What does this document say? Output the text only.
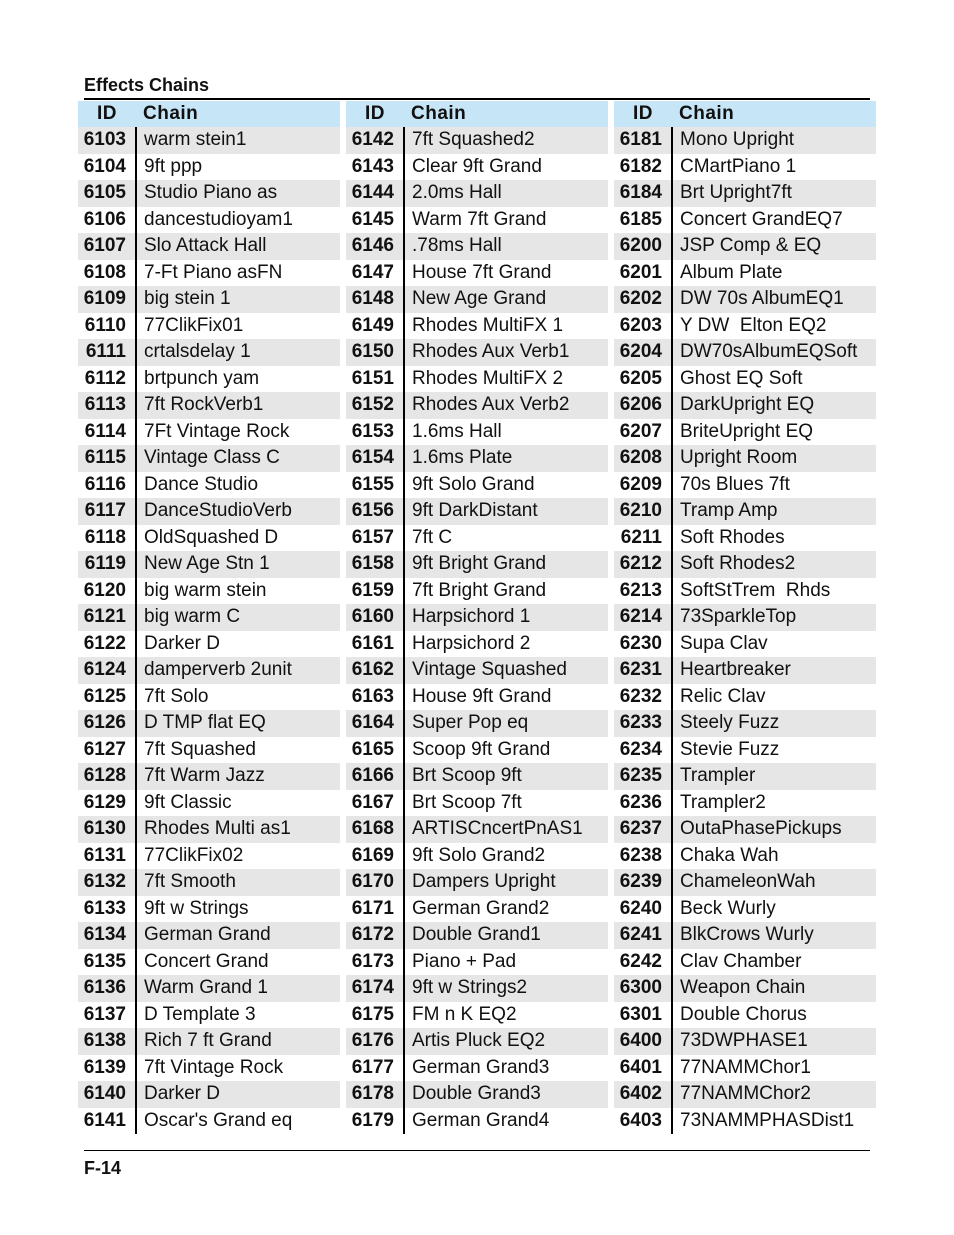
Effects Chains
ID	Chain
6103 warm stein1
6104 9ft ppp
6105 Studio Piano as
6106 dancestudioyam1
6107 Slo Attack Hall
6108 7-Ft Piano asFN
6109 big stein 1
6110 77ClikFix01
6111 crtalsdelay 1
6112 brtpunch yam
6113 7ft RockVerb1
6114 7Ft Vintage Rock
6115 Vintage Class C
6116 Dance Studio
6117 DanceStudioVerb
6118 OldSquashed D
6119 New Age Stn 1
6120 big warm stein
6121 big warm C
6122 Darker D
6124 damperverb 2unit
6125 7ft Solo
6126 D TMP flat EQ
6127 7ft Squashed
6128 7ft Warm Jazz
6129 9ft Classic
6130 Rhodes Multi as1
6131 77ClikFix02
6132 7ft Smooth
6133 9ft w Strings
6134 German Grand
6135 Concert Grand
6136 Warm Grand 1
6137 D Template 3
6138 Rich 7 ft Grand
6139 7ft Vintage Rock
6140 Darker D
6141 Oscar's Grand eq
ID	Chain
6142 7ft Squashed2
6143 Clear 9ft Grand
6144 2.0ms Hall
6145 Warm 7ft Grand
6146 .78ms Hall
6147 House 7ft Grand
6148 New Age Grand
6149 Rhodes MultiFX 1
6150 Rhodes Aux Verb1
6151 Rhodes MultiFX 2
6152 Rhodes Aux Verb2
6153 1.6ms Hall
6154 1.6ms Plate
6155 9ft Solo Grand
6156 9ft DarkDistant
6157 7ft C
6158 9ft Bright Grand
6159 7ft Bright Grand
6160 Harpsichord 1
6161 Harpsichord 2
6162 Vintage Squashed
6163 House 9ft Grand
6164 Super Pop eq
6165 Scoop 9ft Grand
6166 Brt Scoop 9ft
6167 Brt Scoop 7ft
6168 ARTISCncertPnAS1
6169 9ft Solo Grand2
6170 Dampers Upright
6171 German Grand2
6172 Double Grand1
6173 Piano + Pad
6174 9ft w Strings2
6175 FM n K EQ2
6176 Artis Pluck EQ2
6177 German Grand3
6178 Double Grand3
6179 German Grand4
ID	Chain
6181 Mono Upright
6182 CMartPiano 1
6184 Brt Upright7ft
6185 Concert GrandEQ7
6200 JSP Comp & EQ
6201 Album Plate
6202 DW 70s AlbumEQ1
6203 Y DW  Elton EQ2
6204 DW70sAlbumEQSoft
6205 Ghost EQ Soft
6206 DarkUpright EQ
6207 BriteUpright EQ
6208 Upright Room
6209 70s Blues 7ft
6210 Tramp Amp
6211 Soft Rhodes
6212 Soft Rhodes2
6213 SoftStTrem  Rhds
6214 73SparkleTop
6230 Supa Clav
6231 Heartbreaker
6232 Relic Clav
6233 Steely Fuzz
6234 Stevie Fuzz
6235 Trampler
6236 Trampler2
6237 OutaPhasePickups
6238 Chaka Wah
6239 ChameleonWah
6240 Beck Wurly
6241 BlkCrows Wurly
6242 Clav Chamber
6300 Weapon Chain
6301 Double Chorus
6400 73DWPHASE1
6401 77NAMMChor1
6402 77NAMMChor2
6403 73NAMMPHASDist1
F-14
